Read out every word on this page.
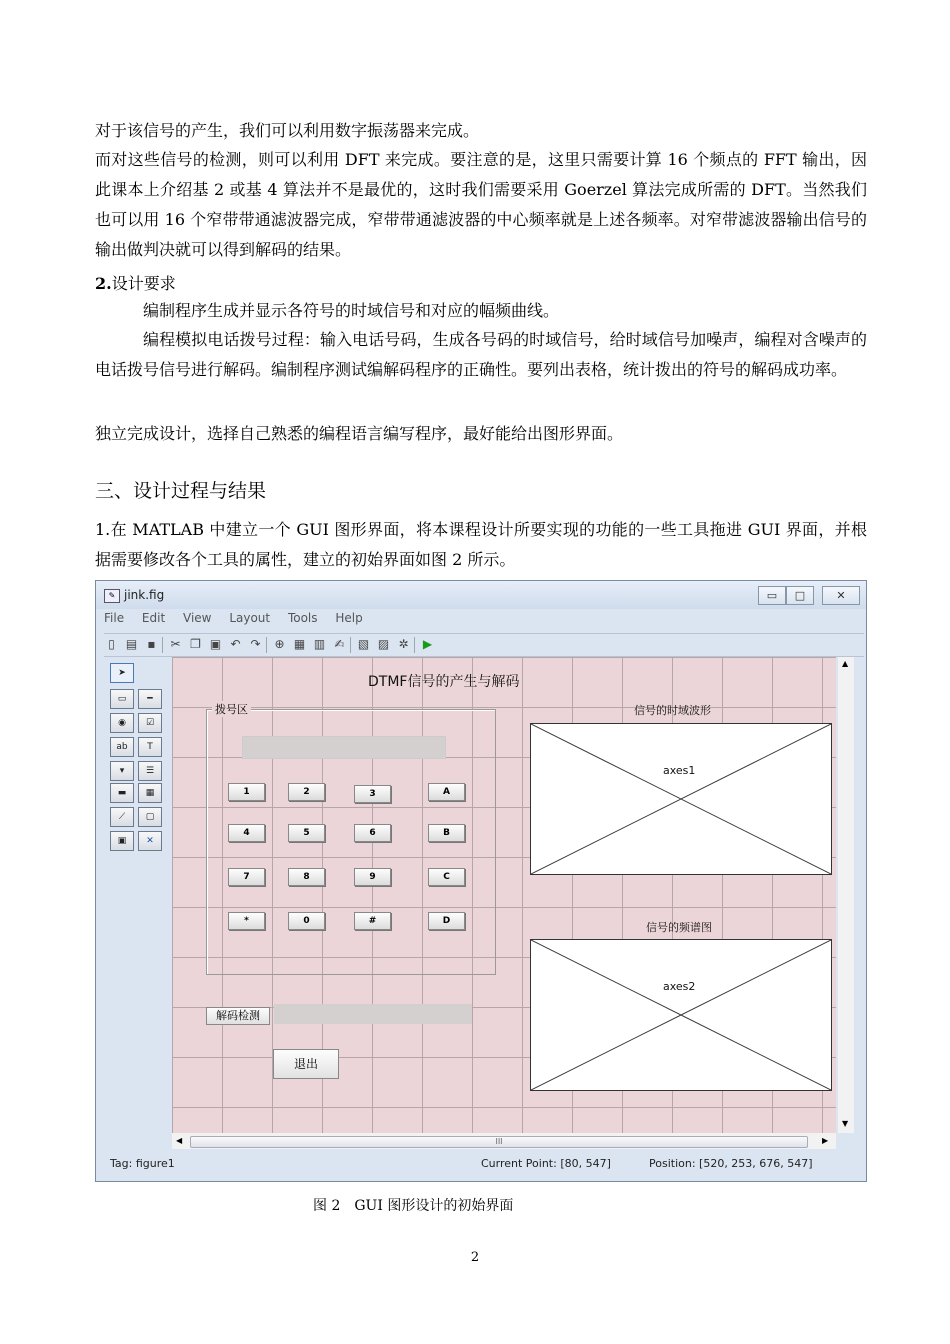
对于该信号的产生，我们可以利用数字振荡器来完成。
而对这些信号的检测，则可以利用 DFT 来完成。要注意的是，这里只需要计算 16 个频点的 FFT 输出，因此课本上介绍基 2 或基 4 算法并不是最优的，这时我们需要采用 Goerzel 算法完成所需的 DFT。当然我们也可以用 16 个窄带带通滤波器完成，窄带带通滤波器的中心频率就是上述各频率。对窄带滤波器输出信号的输出做判决就可以得到解码的结果。
2.设计要求
编制程序生成并显示各符号的时域信号和对应的幅频曲线。
编程模拟电话拨号过程：输入电话号码，生成各号码的时域信号，给时域信号加噪声，编程对含噪声的电话拨号信号进行解码。编制程序测试编解码程序的正确性。要列出表格，统计拨出的符号的解码成功率。
独立完成设计，选择自己熟悉的编程语言编写程序，最好能给出图形界面。
三、设计过程与结果
1.在 MATLAB 中建立一个 GUI 图形界面，将本课程设计所要实现的功能的一些工具拖进 GUI 界面，并根据需要修改各个工具的属性，建立的初始界面如图 2 所示。
✎ jink.fig	▭	□	✕
File Edit View Layout Tools Help
▯ ▤ ▪ ✂ ❐ ▣ ↶ ↷ ⊕ ▦ ▥ ✍ ▧ ▨ ✲ ▶
➤
▭	━
◉	☑
ab	T
▾	☰
▬	▦
⟋	▢
▣	✕
DTMF信号的产生与解码
拨号区
1	2	3	A
4	5	6	B
7	8	9	C
*	0	#	D
信号的时域波形
axes1
信号的频谱图
axes2
解码检测
退出
▲
▼
◀	III	▶
Tag: figure1	Current Point: [80, 547]	Position: [520, 253, 676, 547]
图 2　GUI 图形设计的初始界面
2
